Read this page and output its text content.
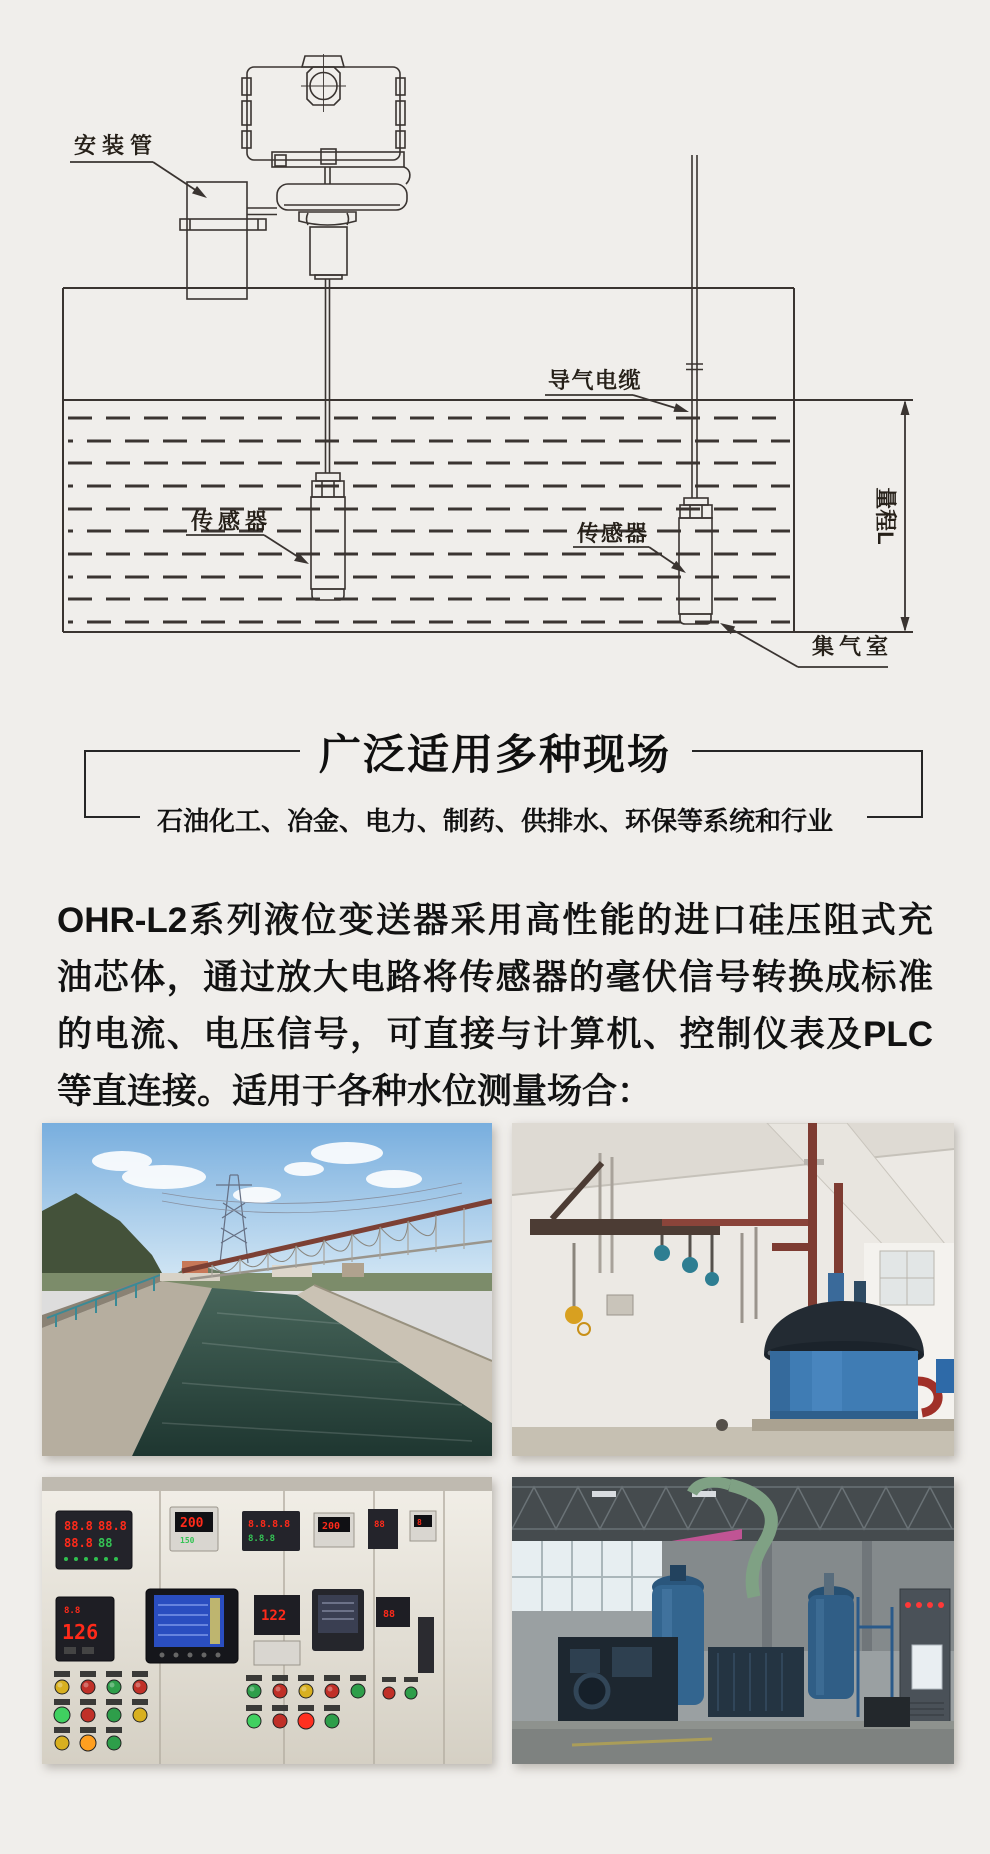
量程L
安装管
导气电缆
传感器	传感器
集气室
广泛适用多种现场
石油化工、冶金、电力、制药、供排水、环保等系统和行业
OHR-L2系列液位变送器采用高性能的进口硅压阻式充
油芯体，通过放大电路将传感器的毫伏信号转换成标准
的电流、电压信号，可直接与计算机、控制仪表及PLC
等直连接。适用于各种水位测量场合：
88.8 88.8
88.8 88
200
150
8.8.8.8
8.8.8
200	88	8
8.8
126
122	88
